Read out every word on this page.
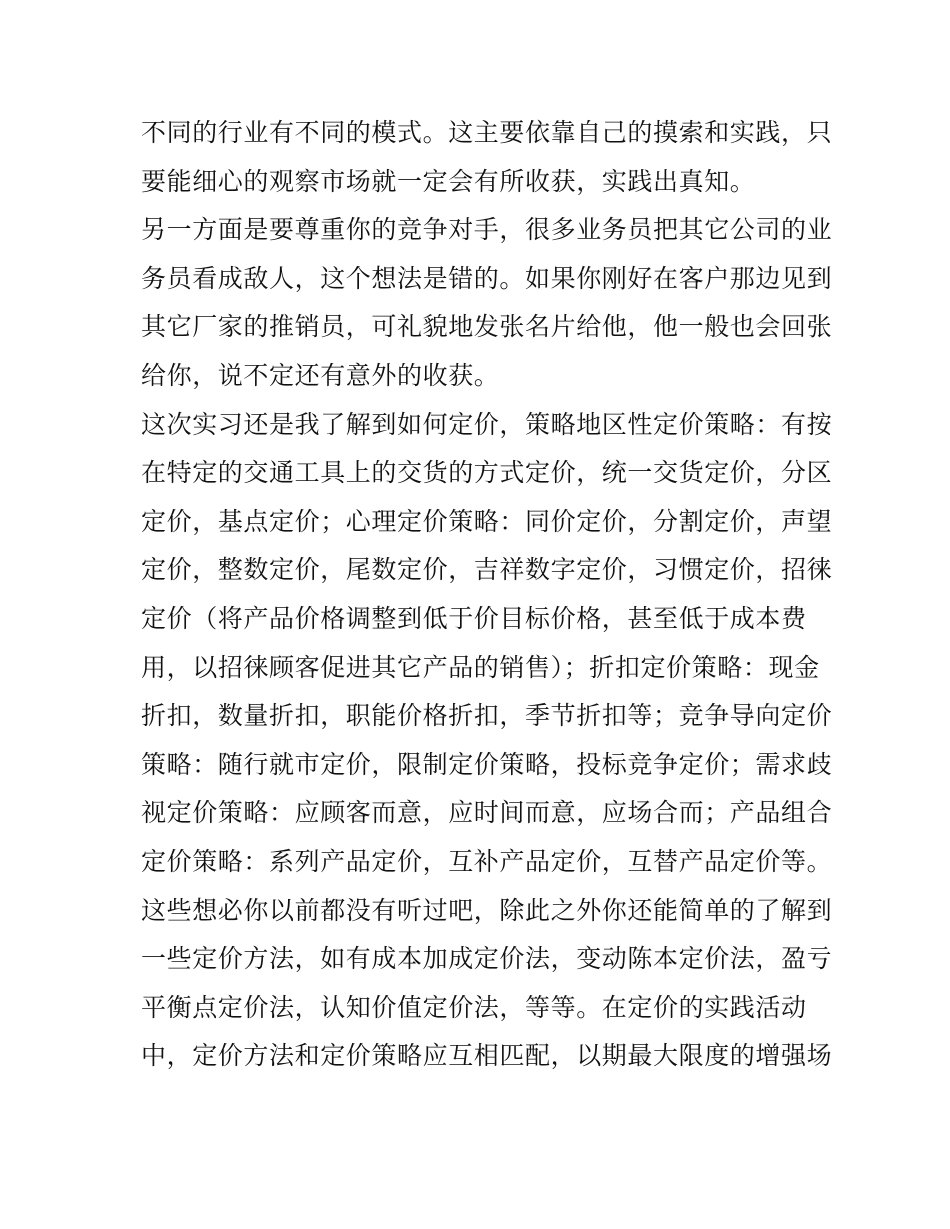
不同的行业有不同的模式。这主要依靠自己的摸索和实践，只
要能细心的观察市场就一定会有所收获，实践出真知。
另一方面是要尊重你的竞争对手，很多业务员把其它公司的业
务员看成敌人，这个想法是错的。如果你刚好在客户那边见到
其它厂家的推销员，可礼貌地发张名片给他，他一般也会回张
给你，说不定还有意外的收获。
这次实习还是我了解到如何定价，策略地区性定价策略：有按
在特定的交通工具上的交货的方式定价，统一交货定价，分区
定价，基点定价；心理定价策略：同价定价，分割定价，声望
定价，整数定价，尾数定价，吉祥数字定价，习惯定价，招徕
定价（将产品价格调整到低于价目标价格，甚至低于成本费
用，以招徕顾客促进其它产品的销售）；折扣定价策略：现金
折扣，数量折扣，职能价格折扣，季节折扣等；竞争导向定价
策略：随行就市定价，限制定价策略，投标竞争定价；需求歧
视定价策略：应顾客而意，应时间而意，应场合而；产品组合
定价策略：系列产品定价，互补产品定价，互替产品定价等。
这些想必你以前都没有听过吧，除此之外你还能简单的了解到
一些定价方法，如有成本加成定价法，变动陈本定价法，盈亏
平衡点定价法，认知价值定价法，等等。在定价的实践活动
中，定价方法和定价策略应互相匹配，以期最大限度的增强场
